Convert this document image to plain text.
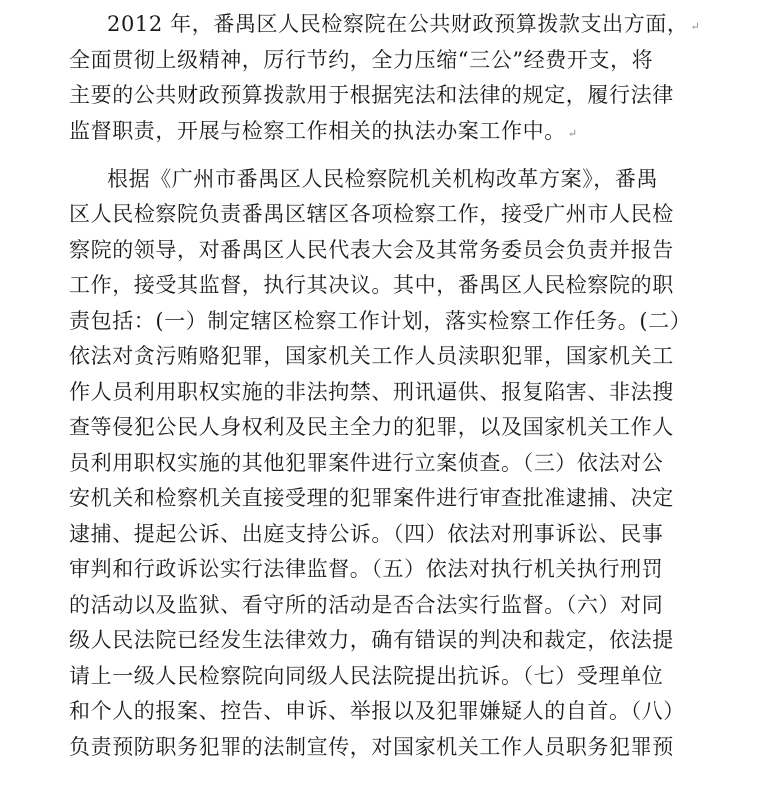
2012 年，番禺区人民检察院在公共财政预算拨款支出方面， ↵
全面贯彻上级精神，厉行节约，全力压缩“三公”经费开支，将
主要的公共财政预算拨款用于根据宪法和法律的规定，履行法律
监督职责，开展与检察工作相关的执法办案工作中。 ↵
根据《广州市番禺区人民检察院机关机构改革方案》，番禺
区人民检察院负责番禺区辖区各项检察工作，接受广州市人民检
察院的领导，对番禺区人民代表大会及其常务委员会负责并报告
工作，接受其监督，执行其决议。其中，番禺区人民检察院的职
责包括：(一）制定辖区检察工作计划，落实检察工作任务。(二）
依法对贪污贿赂犯罪，国家机关工作人员渎职犯罪，国家机关工
作人员利用职权实施的非法拘禁、刑讯逼供、报复陷害、非法搜
查等侵犯公民人身权利及民主全力的犯罪，以及国家机关工作人
员利用职权实施的其他犯罪案件进行立案侦查。（三）依法对公
安机关和检察机关直接受理的犯罪案件进行审查批准逮捕、决定
逮捕、提起公诉、出庭支持公诉。（四）依法对刑事诉讼、民事
审判和行政诉讼实行法律监督。（五）依法对执行机关执行刑罚
的活动以及监狱、看守所的活动是否合法实行监督。（六）对同
级人民法院已经发生法律效力，确有错误的判决和裁定，依法提
请上一级人民检察院向同级人民法院提出抗诉。（七）受理单位
和个人的报案、控告、申诉、举报以及犯罪嫌疑人的自首。（八）
负责预防职务犯罪的法制宣传，对国家机关工作人员职务犯罪预
